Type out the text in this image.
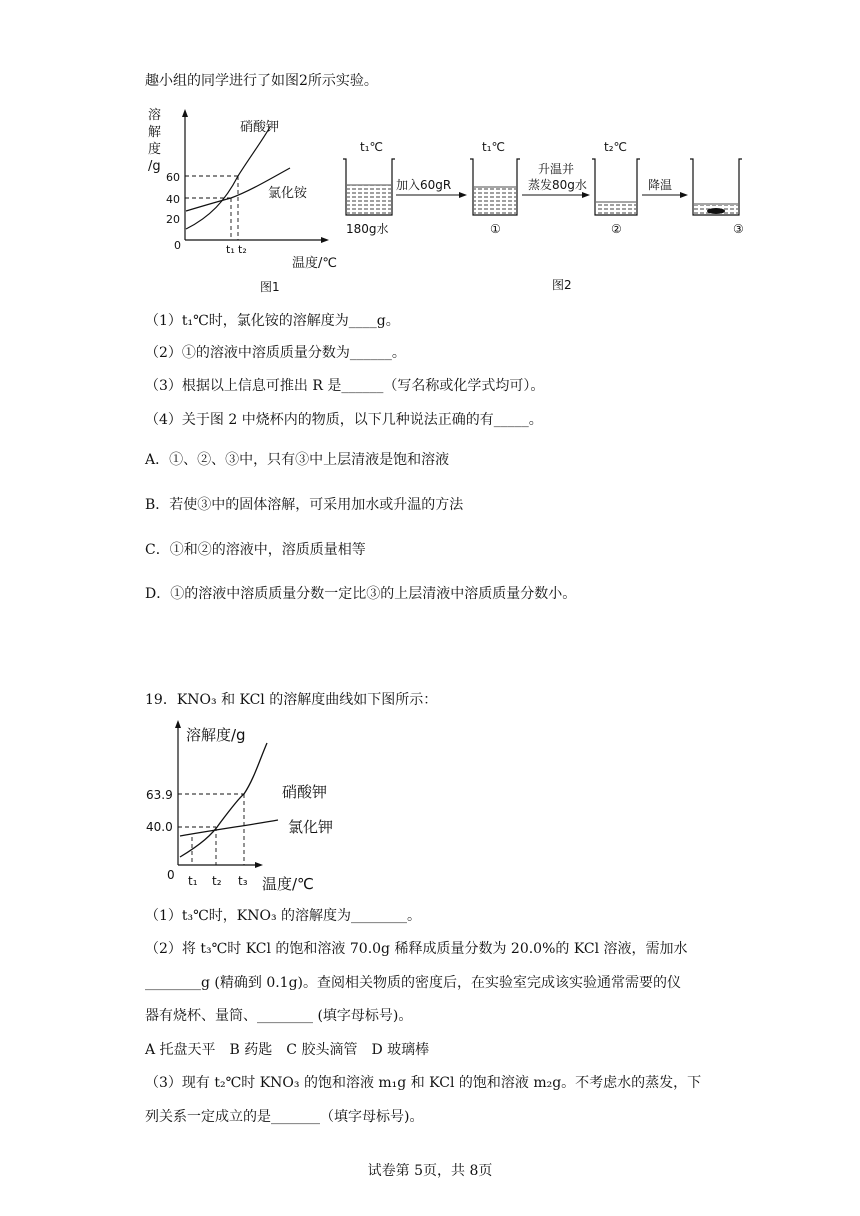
趣小组的同学进行了如图2所示实验。
溶
解
度
/g
60
40
20
0	t₁ t₂
硝酸钾
氯化铵
温度/℃
图1
t₁℃	t₁℃	t₂℃
加入60gR
升温并
蒸发80g水	降温
180g水	①	②	③
图2
（1）t₁℃时，氯化铵的溶解度为____g。
（2）①的溶液中溶质质量分数为______。
（3）根据以上信息可推出 R 是______（写名称或化学式均可）。
（4）关于图 2 中烧杯内的物质，以下几种说法正确的有_____。
A．①、②、③中，只有③中上层清液是饱和溶液
B．若使③中的固体溶解，可采用加水或升温的方法
C．①和②的溶液中，溶质质量相等
D．①的溶液中溶质质量分数一定比③的上层清液中溶质质量分数小。
19．KNO₃ 和 KCl 的溶解度曲线如下图所示：
溶解度/g
63.9
40.0
0 t₁ t₂ t₃
硝酸钾
氯化钾
温度/℃
（1）t₃℃时，KNO₃ 的溶解度为________。
（2）将 t₃℃时 KCl 的饱和溶液 70.0g 稀释成质量分数为 20.0%的 KCl 溶液，需加水
________g (精确到 0.1g)。查阅相关物质的密度后，在实验室完成该实验通常需要的仪
器有烧杯、量筒、________ (填字母标号)。
A 托盘天平　B 药匙　C 胶头滴管　D 玻璃棒
（3）现有 t₂℃时 KNO₃ 的饱和溶液 m₁g 和 KCl 的饱和溶液 m₂g。不考虑水的蒸发，下
列关系一定成立的是_______（填字母标号)。
试卷第 5页，共 8页
